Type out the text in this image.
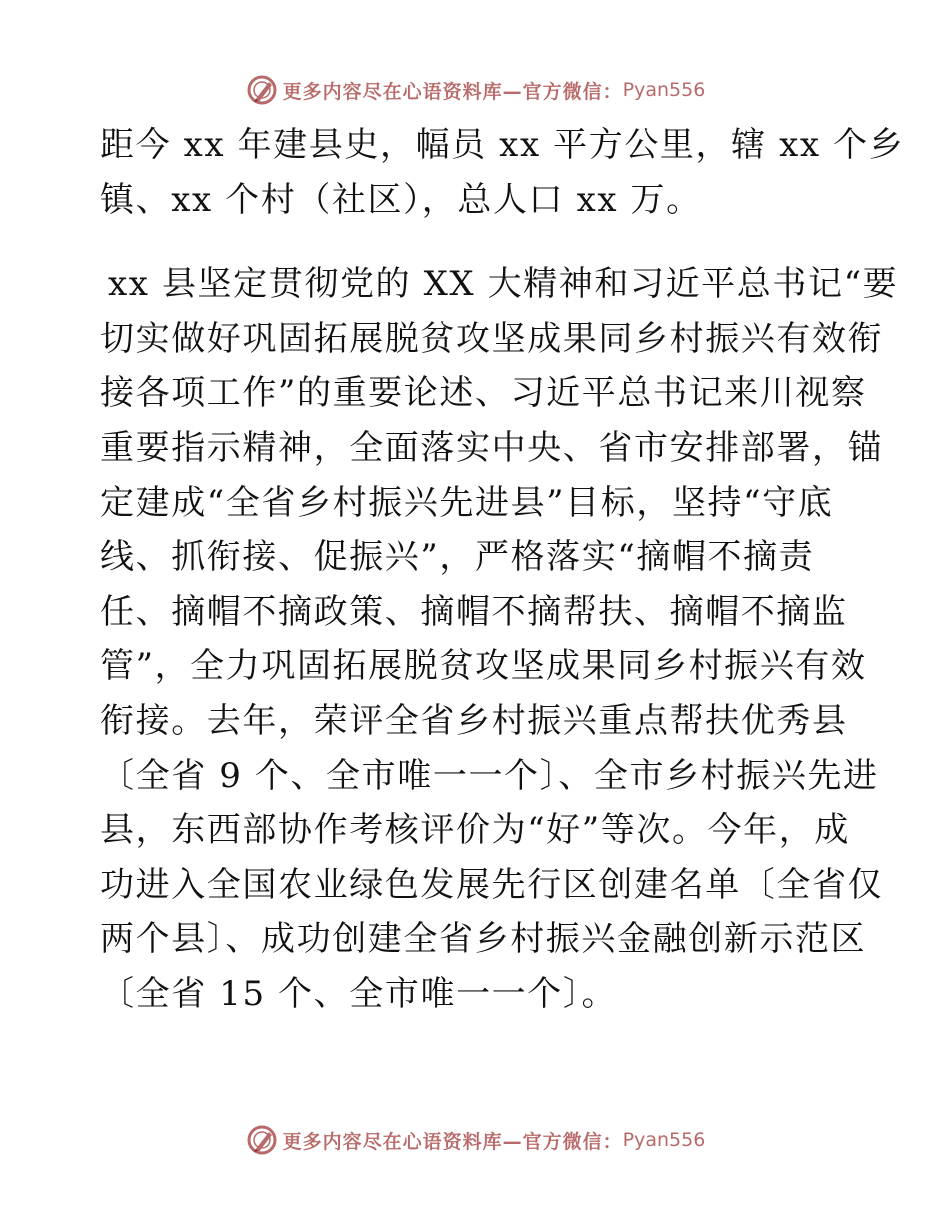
更多内容尽在心语资料库—官方微信： Pyan556

距今 xx 年建县史，幅员 xx 平方公里，辖 xx 个乡
镇、xx 个村（社区），总人口 xx 万。

xx 县坚定贯彻党的 XX 大精神和习近平总书记“要
切实做好巩固拓展脱贫攻坚成果同乡村振兴有效衔
接各项工作”的重要论述、习近平总书记来川视察
重要指示精神，全面落实中央、省市安排部署，锚
定建成“全省乡村振兴先进县”目标，坚持“守底
线、抓衔接、促振兴”，严格落实“摘帽不摘责
任、摘帽不摘政策、摘帽不摘帮扶、摘帽不摘监
管”，全力巩固拓展脱贫攻坚成果同乡村振兴有效
衔接。去年，荣评全省乡村振兴重点帮扶优秀县
〔全省 9 个、全市唯一一个〕、全市乡村振兴先进
县，东西部协作考核评价为“好”等次。今年，成
功进入全国农业绿色发展先行区创建名单〔全省仅
两个县〕、成功创建全省乡村振兴金融创新示范区
〔全省 15 个、全市唯一一个〕。

更多内容尽在心语资料库—官方微信： Pyan556
